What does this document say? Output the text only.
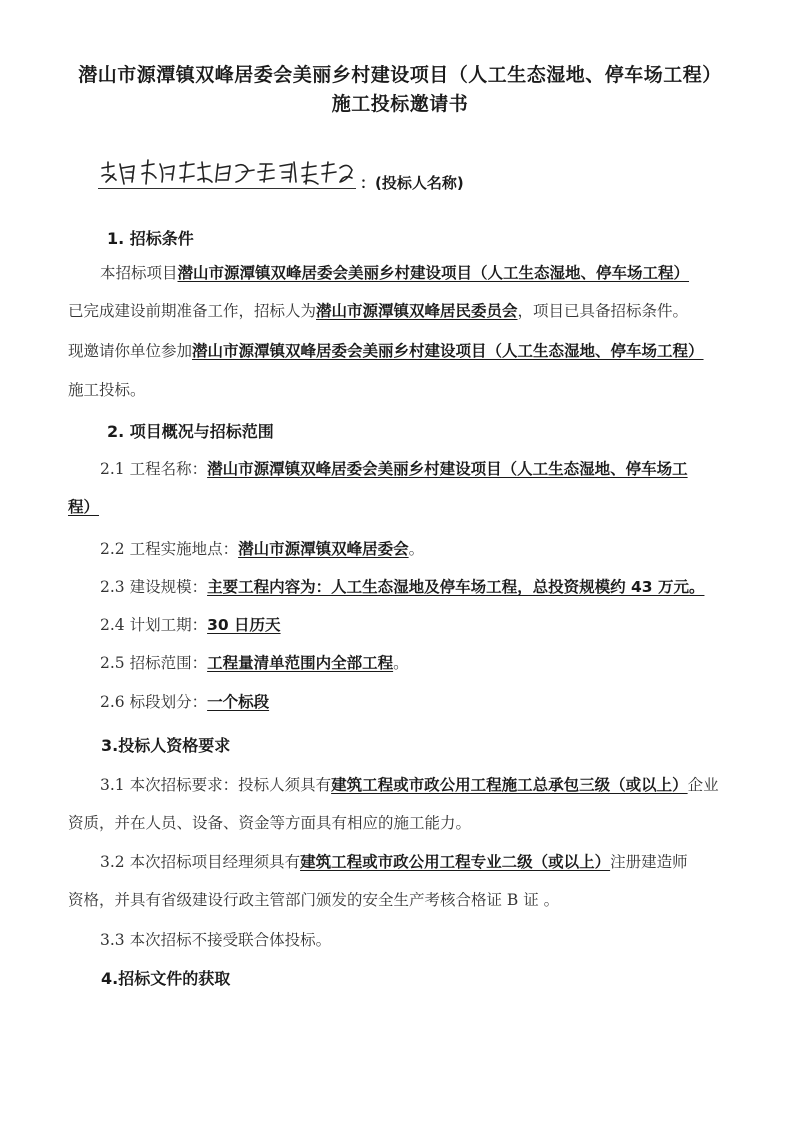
潜山市源潭镇双峰居委会美丽乡村建设项目（人工生态湿地、停车场工程）
施工投标邀请书
：(投标人名称)
1. 招标条件
本招标项目潜山市源潭镇双峰居委会美丽乡村建设项目（人工生态湿地、停车场工程）
已完成建设前期准备工作，招标人为潜山市源潭镇双峰居民委员会，项目已具备招标条件。
现邀请你单位参加潜山市源潭镇双峰居委会美丽乡村建设项目（人工生态湿地、停车场工程）
施工投标。
2. 项目概况与招标范围
2.1 工程名称：潜山市源潭镇双峰居委会美丽乡村建设项目（人工生态湿地、停车场工
程）
2.2 工程实施地点：潜山市源潭镇双峰居委会。
2.3 建设规模：主要工程内容为：人工生态湿地及停车场工程，总投资规模约 43 万元。
2.4 计划工期：30 日历天
2.5 招标范围：工程量清单范围内全部工程。
2.6 标段划分：一个标段
3.投标人资格要求
3.1 本次招标要求：投标人须具有建筑工程或市政公用工程施工总承包三级（或以上）企业
资质，并在人员、设备、资金等方面具有相应的施工能力。
3.2 本次招标项目经理须具有建筑工程或市政公用工程专业二级（或以上）注册建造师
资格，并具有省级建设行政主管部门颁发的安全生产考核合格证 B 证 。
3.3 本次招标不接受联合体投标。
4.招标文件的获取
